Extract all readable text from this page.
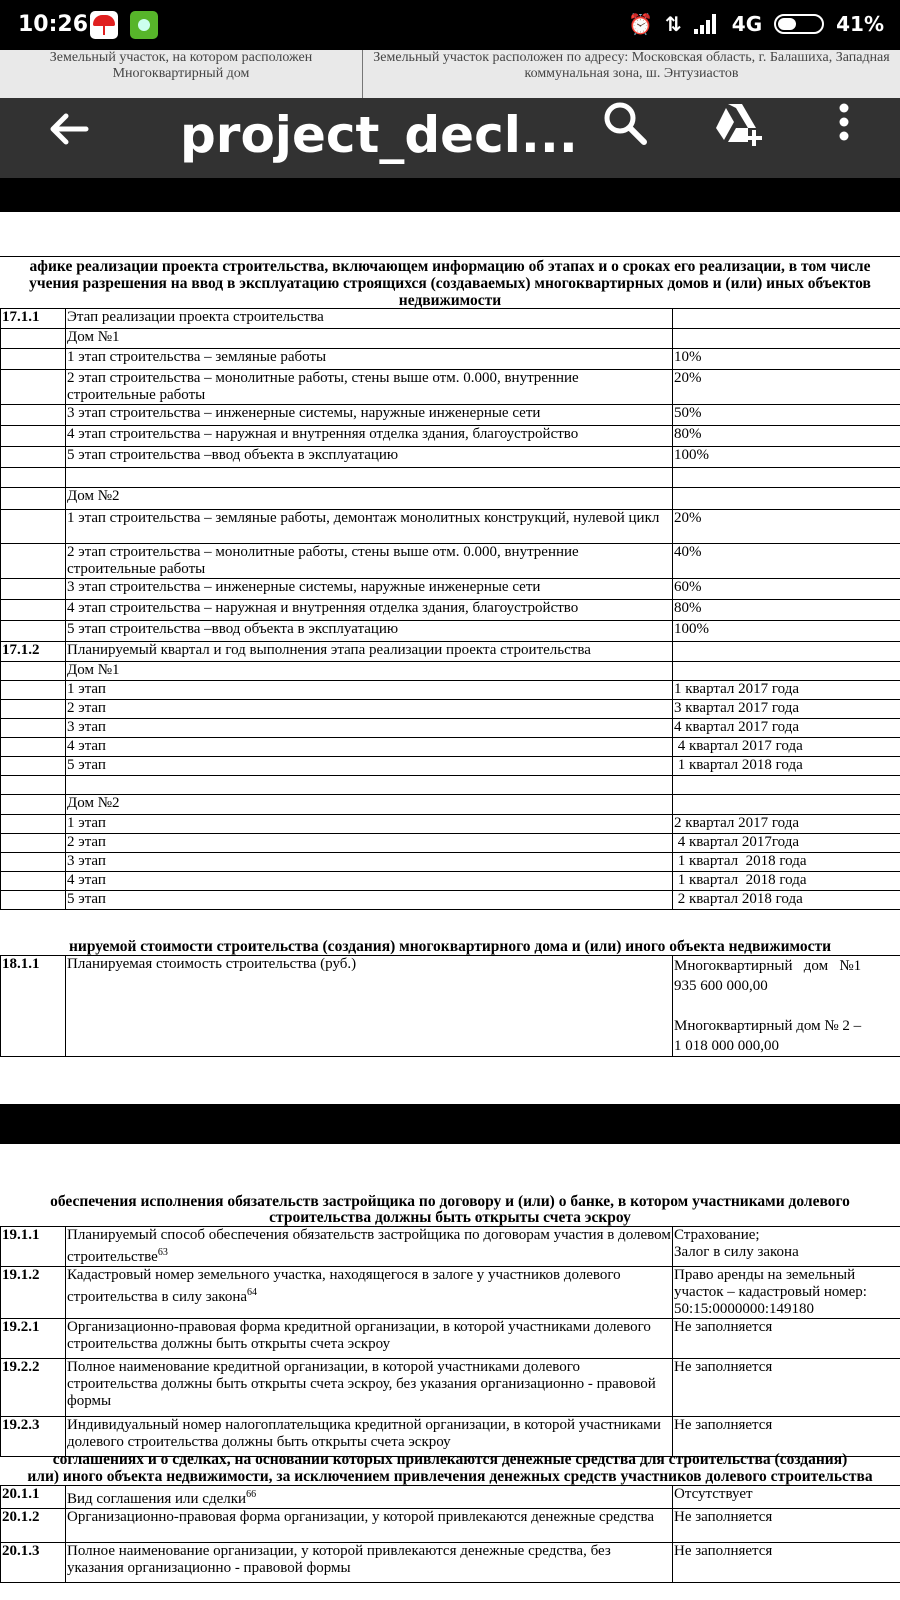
10:26	⏰ ⇅	4G	41%
Земельный участок, на котором расположен Многоквартирный дом
Земельный участок расположен по адресу: Московская область, г. Балашиха, Западная коммунальная зона, ш. Энтузиастов
project_decl...
афике реализации проекта строительства, включающем информацию об этапах и о сроках его реализации, в том числе
учения разрешения на ввод в эксплуатацию строящихся (создаваемых) многоквартирных домов и (или) иных объектов
недвижимости
17.1.1	Этап реализации проекта строительства	
	Дом №1	
	1 этап строительства – земляные работы	10%
	2 этап строительства – монолитные работы, стены выше отм. 0.000, внутренние строительные работы	20%
	3 этап строительства – инженерные системы, наружные инженерные сети	50%
	4 этап строительства – наружная и внутренняя отделка здания, благоустройство	80%
	5 этап строительства –ввод объекта в эксплуатацию	100%

	Дом №2	
	1 этап строительства – земляные работы, демонтаж монолитных конструкций, нулевой цикл	20%
	2 этап строительства – монолитные работы, стены выше отм. 0.000, внутренние строительные работы	40%
	3 этап строительства – инженерные системы, наружные инженерные сети	60%
	4 этап строительства – наружная и внутренняя отделка здания, благоустройство	80%
	5 этап строительства –ввод объекта в эксплуатацию	100%
17.1.2	Планируемый квартал и год выполнения этапа реализации проекта строительства	
	Дом №1	
	1 этап	1 квартал 2017 года
	2 этап	3 квартал 2017 года
	3 этап	4 квартал 2017 года
	4 этап	4 квартал 2017 года
	5 этап	1 квартал 2018 года

	Дом №2	
	1 этап	2 квартал 2017 года
	2 этап	4 квартал 2017года
	3 этап	1 квартал  2018 года
	4 этап	1 квартал  2018 года
	5 этап	2 квартал 2018 года
нируемой стоимости строительства (создания) многоквартирного дома и (или) иного объекта недвижимости
18.1.1	Планируемая стоимость строительства (руб.)	Многоквартирный   дом   №1
935 600 000,00
Многоквартирный дом № 2 –
1 018 000 000,00
обеспечения исполнения обязательств застройщика по договору и (или) о банке, в котором участниками долевого
строительства должны быть открыты счета эскроу
19.1.1	Планируемый способ обеспечения обязательств застройщика по договорам участия в долевом строительстве$^{63}$	Страхование;
Залог в силу закона
19.1.2	Кадастровый номер земельного участка, находящегося в залоге у участников долевого строительства в силу закона$^{64}$	Право аренды на земельный участок – кадастровый номер: 50:15:0000000:149180
19.2.1	Организационно-правовая форма кредитной организации, в которой участниками долевого строительства должны быть открыты счета эскроу	Не заполняется
19.2.2	Полное наименование кредитной организации, в которой участниками долевого строительства должны быть открыты счета эскроу, без указания организационно - правовой формы	Не заполняется
19.2.3	Индивидуальный номер налогоплательщика кредитной организации, в которой участниками долевого строительства должны быть открыты счета эскроу	Не заполняется
соглашениях и о сделках, на основании которых привлекаются денежные средства для строительства (создания)
или) иного объекта недвижимости, за исключением привлечения денежных средств участников долевого строительства
20.1.1	Вид соглашения или сделки$^{66}$	Отсутствует
20.1.2	Организационно-правовая форма организации, у которой привлекаются денежные средства	Не заполняется
20.1.3	Полное наименование организации, у которой привлекаются денежные средства, без указания организационно - правовой формы	Не заполняется
